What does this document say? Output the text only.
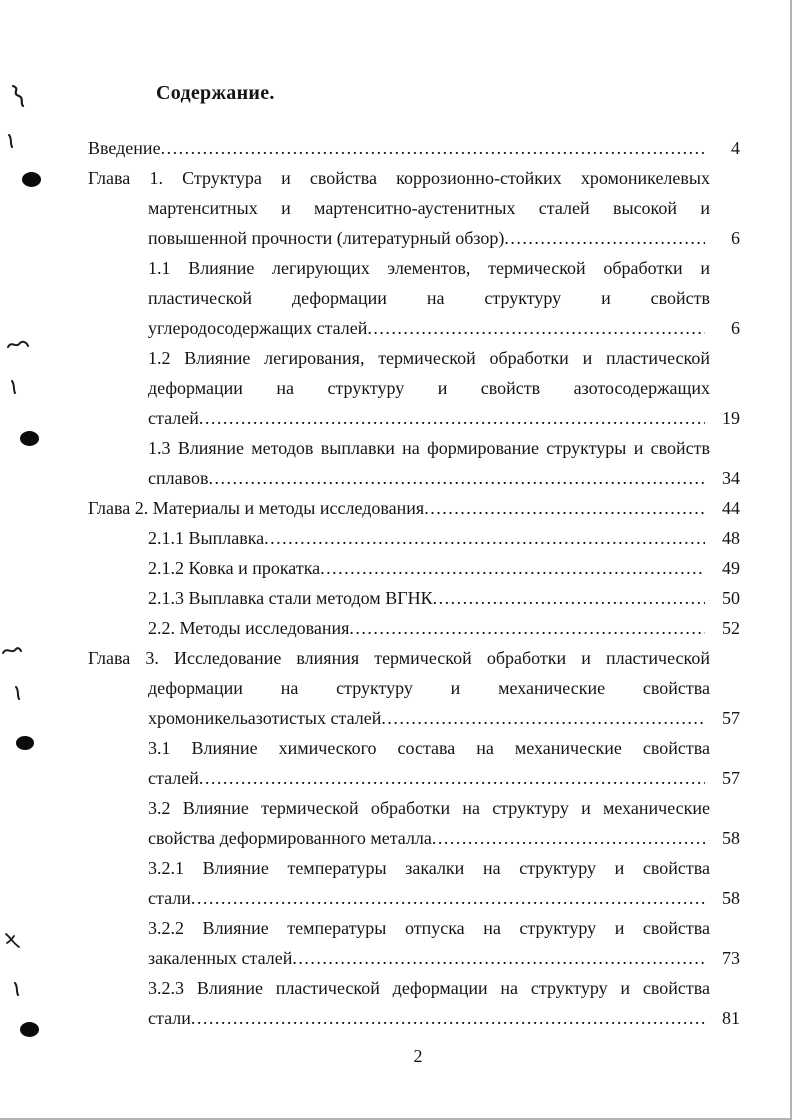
Содержание.
Введение .....	4
Глава 1. Структура и свойства коррозионно-стойких хромоникелевых
мартенситных и мартенситно-аустенитных сталей высокой и
повышенной прочности (литературный обзор) .....	6
1.1 Влияние легирующих элементов, термической обработки и
пластической деформации на структуру и свойств
углеродосодержащих сталей .....	6
1.2 Влияние легирования, термической обработки и пластической
деформации на структуру и свойств азотосодержащих
сталей .....	19
1.3 Влияние методов выплавки на формирование структуры и свойств
сплавов .....	34
Глава 2. Материалы и методы исследования .....	44
2.1.1 Выплавка .....	48
2.1.2 Ковка и прокатка .....	49
2.1.3 Выплавка стали методом ВГНК .....	50
2.2. Методы исследования .....	52
Глава 3. Исследование влияния термической обработки и пластической
деформации на структуру и механические свойства
хромоникельазотистых сталей .....	57
3.1 Влияние химического состава на механические свойства
сталей .....	57
3.2 Влияние термической обработки на структуру и механические
свойства деформированного металла .....	58
3.2.1 Влияние температуры закалки на структуру и свойства
стали .....	58
3.2.2 Влияние температуры отпуска на структуру и свойства
закаленных сталей .....	73
3.2.3 Влияние пластической деформации на структуру и свойства
стали .....	81
2
